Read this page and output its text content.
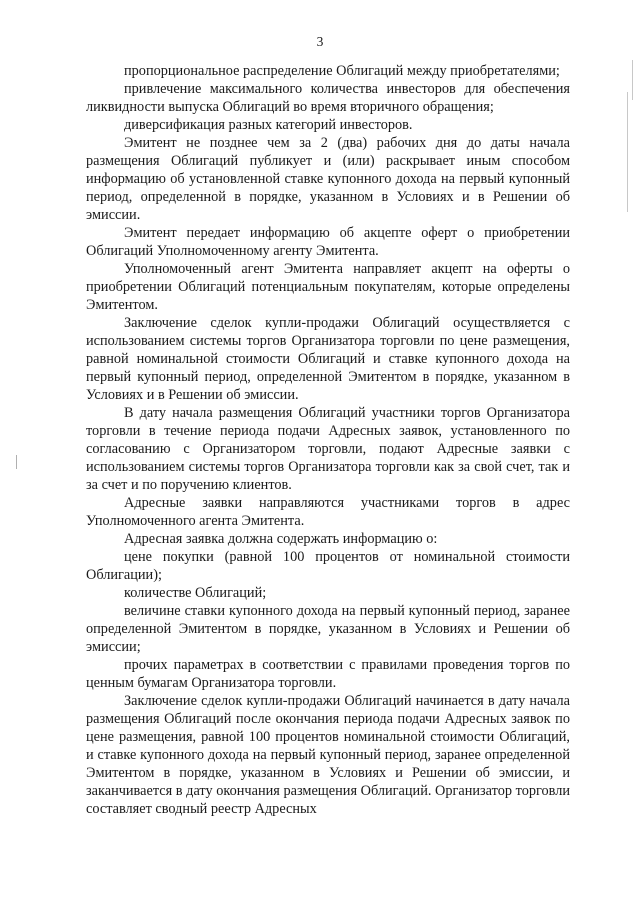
3

пропорциональное распределение Облигаций между приобретателями;

привлечение максимального количества инвесторов для обеспечения ликвидности выпуска Облигаций во время вторичного обращения;

диверсификация разных категорий инвесторов.

Эмитент не позднее чем за 2 (два) рабочих дня до даты начала размещения Облигаций публикует и (или) раскрывает иным способом информацию об установленной ставке купонного дохода на первый купонный период, определенной в порядке, указанном в Условиях и в Решении об эмиссии.

Эмитент передает информацию об акцепте оферт о приобретении Облигаций Уполномоченному агенту Эмитента.

Уполномоченный агент Эмитента направляет акцепт на оферты о приобретении Облигаций потенциальным покупателям, которые определены Эмитентом.

Заключение сделок купли-продажи Облигаций осуществляется с использованием системы торгов Организатора торговли по цене размещения, равной номинальной стоимости Облигаций и ставке купонного дохода на первый купонный период, определенной Эмитентом в порядке, указанном в Условиях и в Решении об эмиссии.

В дату начала размещения Облигаций участники торгов Организатора торговли в течение периода подачи Адресных заявок, установленного по согласованию с Организатором торговли, подают Адресные заявки с использованием системы торгов Организатора торговли как за свой счет, так и за счет и по поручению клиентов.

Адресные заявки направляются участниками торгов в адрес Уполномоченного агента Эмитента.

Адресная заявка должна содержать информацию о:

цене покупки (равной 100 процентов от номинальной стоимости Облигации);

количестве Облигаций;

величине ставки купонного дохода на первый купонный период, заранее определенной Эмитентом в порядке, указанном в Условиях и Решении об эмиссии;

прочих параметрах в соответствии с правилами проведения торгов по ценным бумагам Организатора торговли.

Заключение сделок купли-продажи Облигаций начинается в дату начала размещения Облигаций после окончания периода подачи Адресных заявок по цене размещения, равной 100 процентов номинальной стоимости Облигаций, и ставке купонного дохода на первый купонный период, заранее определенной Эмитентом в порядке, указанном в Условиях и Решении об эмиссии, и заканчивается в дату окончания размещения Облигаций. Организатор торговли составляет сводный реестр Адресных
